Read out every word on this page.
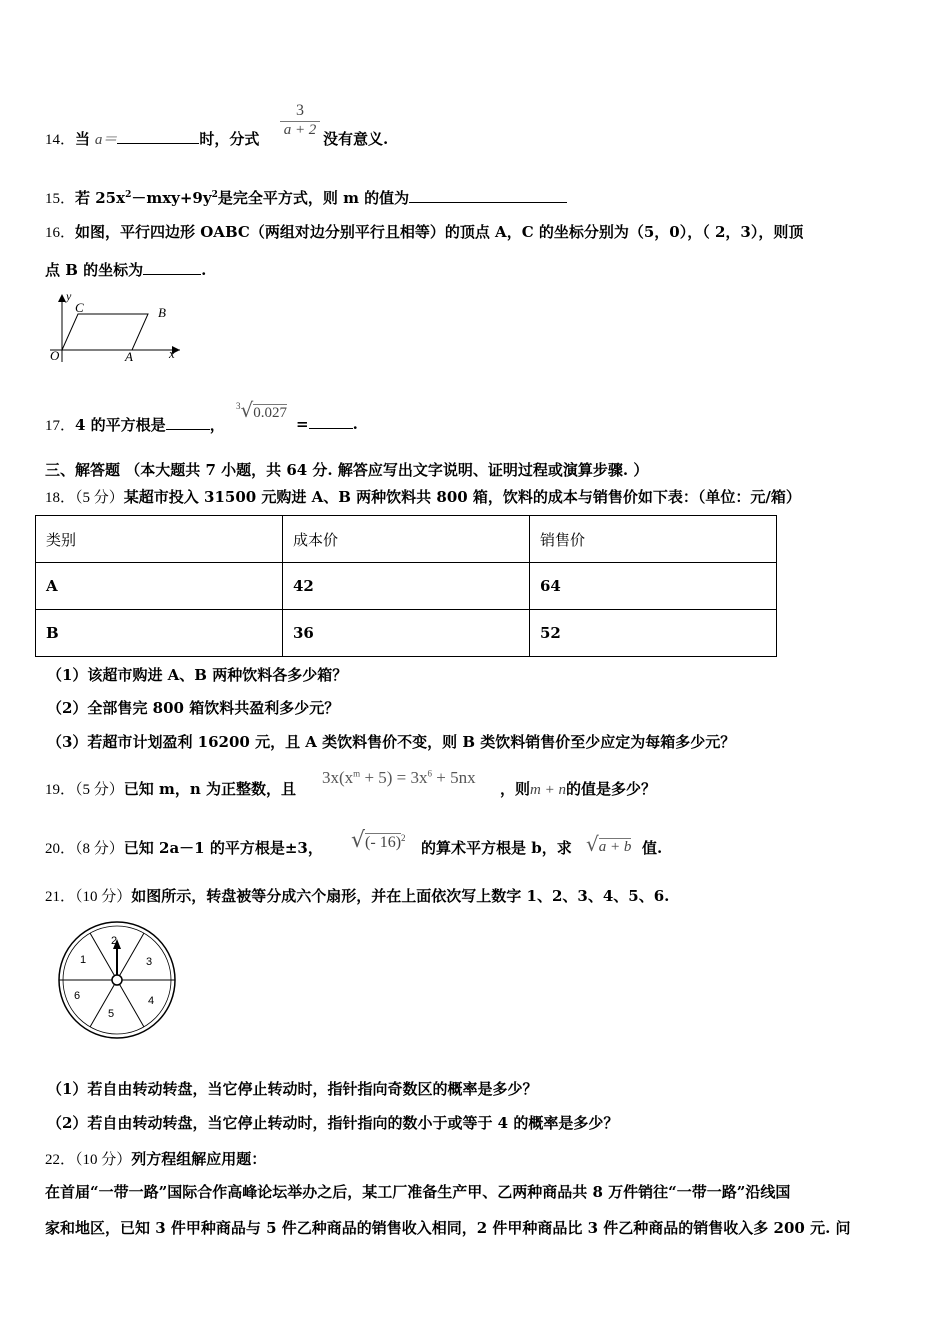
14．当 a＝	时，分式
3
a + 2 没有意义.
15．若 $25x^2-mxy+9y^2$是完全平方式，则 m 的值为
16．如图，平行四边形 OABC（两组对边分别平行且相等）的顶点 A，C 的坐标分别为（5，0），（ 2，3），则顶
点 B 的坐标为	.
y
x
O	A
B
C
17．4 的平方根是	，
$^3$√0.027
=	.
三、解答题 （本大题共 7 小题，共 64 分. 解答应写出文字说明、证明过程或演算步骤. ）
18．（5 分）某超市投入 31500 元购进 A、B 两种饮料共 800 箱，饮料的成本与销售价如下表：（单位：元/箱）
类别	成本价	销售价
A	42	64
B	36	52
（1）该超市购进 A、B 两种饮料各多少箱？
（2）全部售完 800 箱饮料共盈利多少元？
（3）若超市计划盈利 16200 元，且 A 类饮料售价不变，则 B 类饮料销售价至少应定为每箱多少元？
19．（5 分）已知 m，n 为正整数，且
$3x(x^m + 5) = 3x^6 + 5nx$
，则m + n的值是多少？
20．（8 分）已知 2a－1 的平方根是±3， √(- 16)$^2$
的算术平方根是 b，求 √a + b 值.
21．（10 分）如图所示，转盘被等分成六个扇形，并在上面依次写上数字 1、2、3、4、5、6.
1
2
3
4
5
6
（1）若自由转动转盘，当它停止转动时，指针指向奇数区的概率是多少？
（2）若自由转动转盘，当它停止转动时，指针指向的数小于或等于 4 的概率是多少？
22．（10 分）列方程组解应用题：
在首届“一带一路”国际合作高峰论坛举办之后，某工厂准备生产甲、乙两种商品共 8 万件销往“一带一路”沿线国
家和地区，已知 3 件甲种商品与 5 件乙种商品的销售收入相同，2 件甲种商品比 3 件乙种商品的销售收入多 200 元. 问
